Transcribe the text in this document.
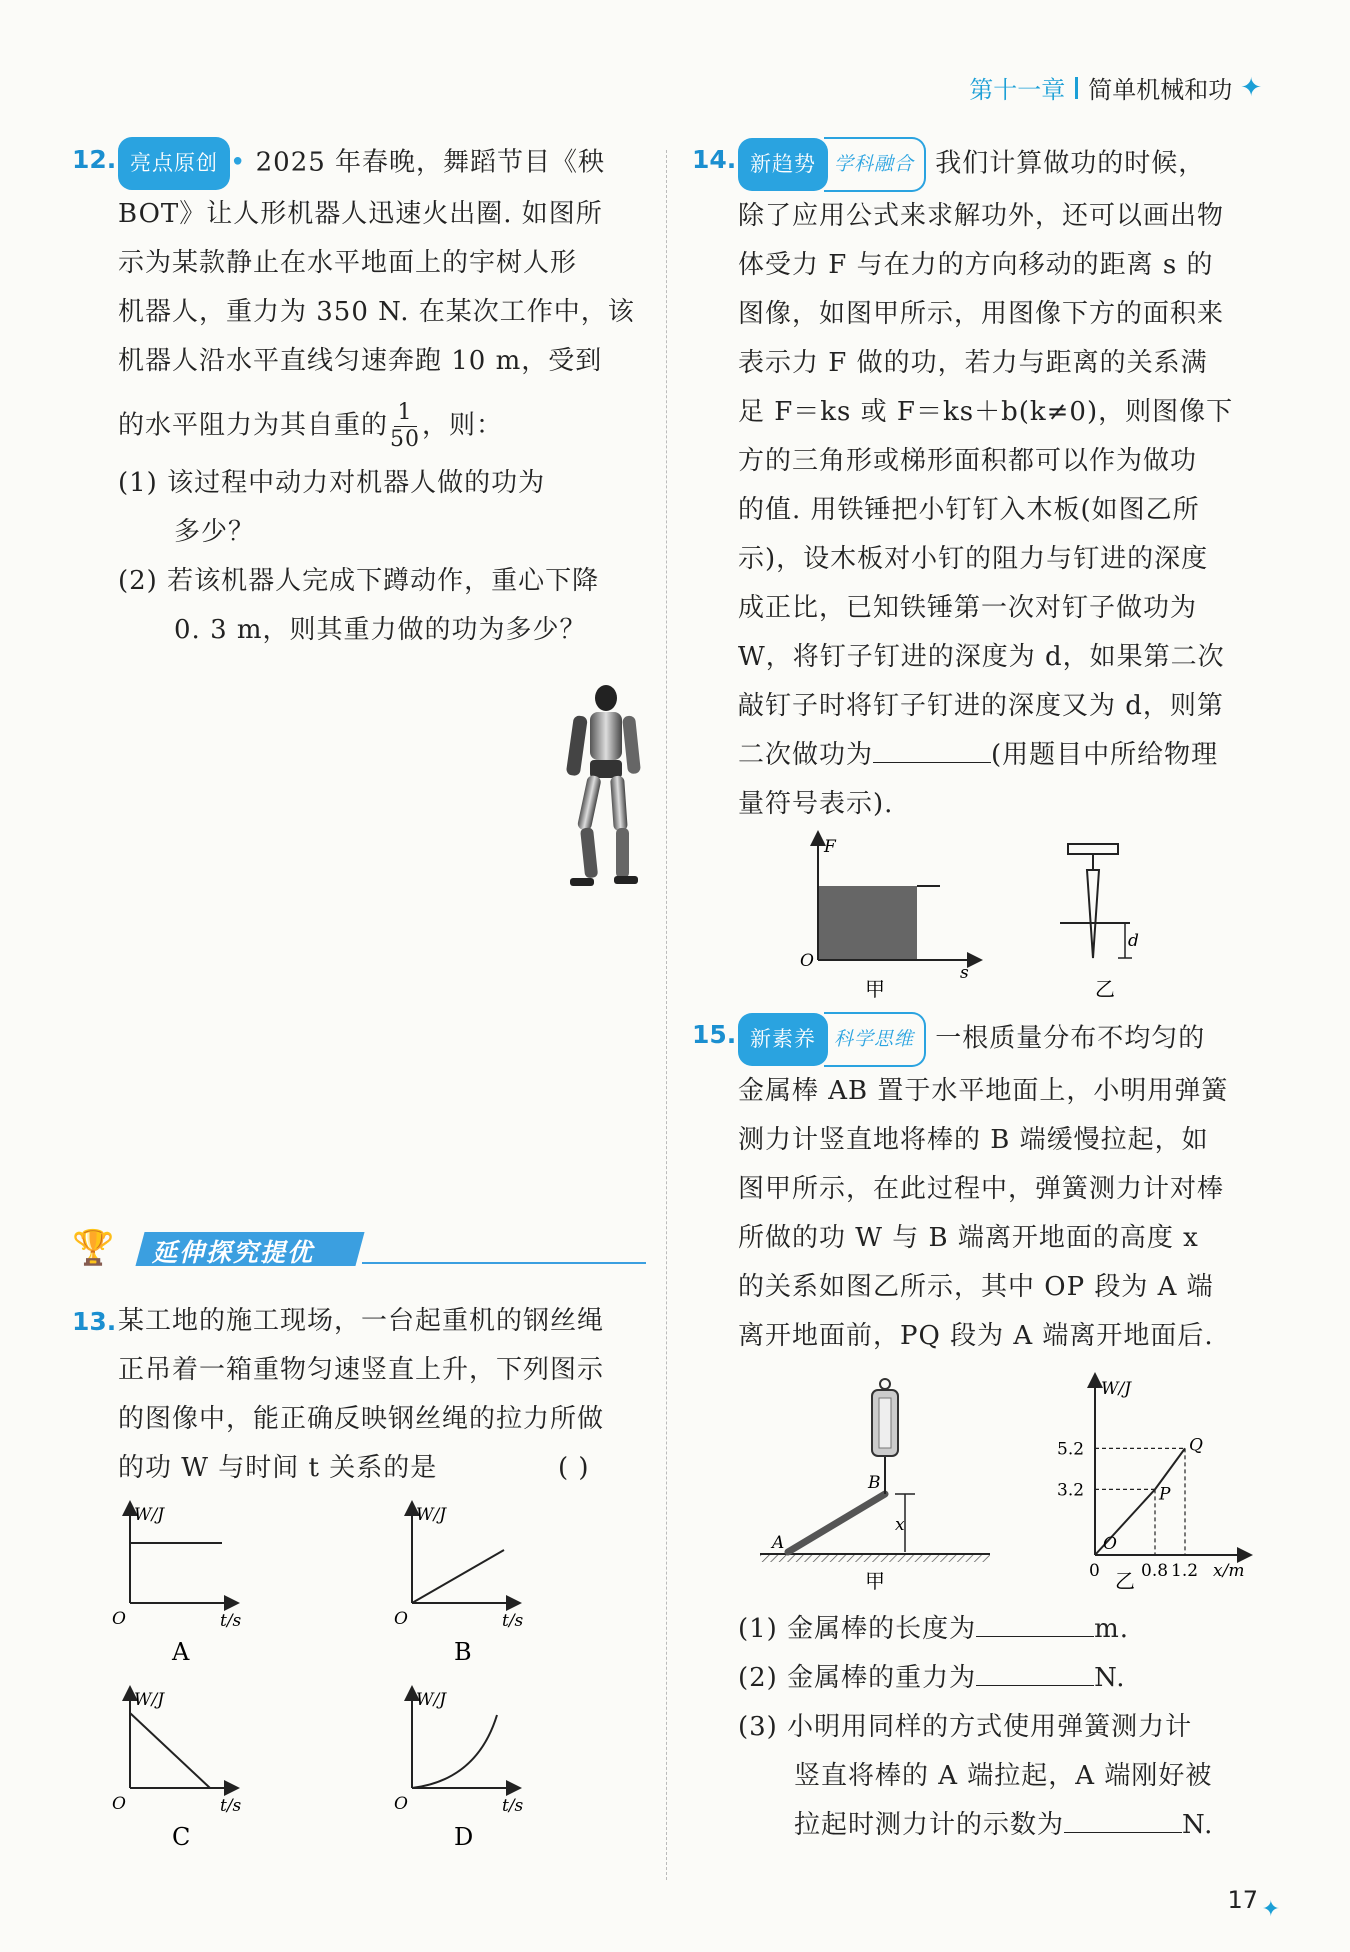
第十一章 简单机械和功 ✦
12. 亮点原创 • 2025 年春晚，舞蹈节目《秧
BOT》让人形机器人迅速火出圈. 如图所
示为某款静止在水平地面上的宇树人形
机器人，重力为 350 N. 在某次工作中，该
机器人沿水平直线匀速奔跑 10 m，受到
的水平阻力为其自重的 $\frac{1}{50}$ ，则：
(1) 该过程中动力对机器人做的功为
多少？
(2) 若该机器人完成下蹲动作，重心下降
0. 3 m，则其重力做的功为多少？
🏆 延伸探究提优
13. 某工地的施工现场，一台起重机的钢丝绳
正吊着一箱重物匀速竖直上升，下列图示
的图像中，能正确反映钢丝绳的拉力所做
的功 W 与时间 t 关系的是	( )
W/J
O	t/s
A
W/J
O	t/s
B
W/J
O	t/s
C
W/J
O	t/s
D
14. 新趋势 学科融合 我们计算做功的时候，
除了应用公式来求解功外，还可以画出物
体受力 F 与在力的方向移动的距离 s 的
图像，如图甲所示，用图像下方的面积来
表示力 F 做的功，若力与距离的关系满
足 F＝ks 或 F＝ks＋b(k≠0)，则图像下
方的三角形或梯形面积都可以作为做功
的值. 用铁锤把小钉钉入木板(如图乙所
示)，设木板对小钉的阻力与钉进的深度
成正比，已知铁锤第一次对钉子做功为
W，将钉子钉进的深度为 d，如果第二次
敲钉子时将钉子钉进的深度又为 d，则第
二次做功为	(用题目中所给物理
量符号表示).
F
O
s
甲
d
乙
15. 新素养 科学思维 一根质量分布不均匀的
金属棒 AB 置于水平地面上，小明用弹簧
测力计竖直地将棒的 B 端缓慢拉起，如
图甲所示，在此过程中，弹簧测力计对棒
所做的功 W 与 B 端离开地面的高度 x
的关系如图乙所示，其中 OP 段为 A 端
离开地面前，PQ 段为 A 端离开地面后.
A
B
x
甲
W/J
x/m
5.2
3.2
0 0.8 1.2
O
P
Q
乙
(1) 金属棒的长度为	m.
(2) 金属棒的重力为	N.
(3) 小明用同样的方式使用弹簧测力计
竖直将棒的 A 端拉起，A 端刚好被
拉起时测力计的示数为	N.
17 ✦
